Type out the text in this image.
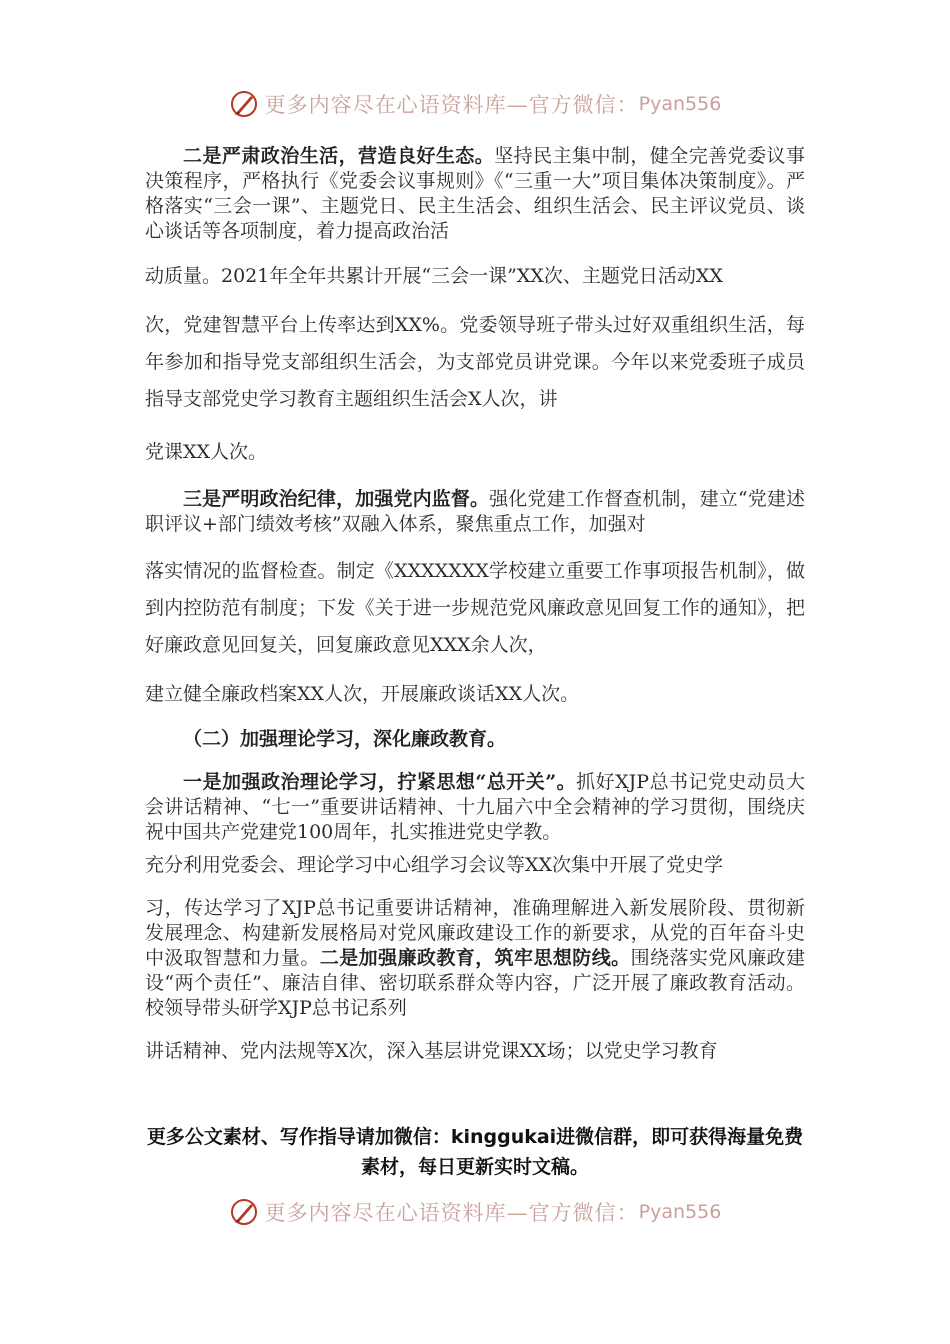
更多内容尽在心语资料库—官方微信： Pyan556

二是严肃政治生活，营造良好生态。坚持民主集中制，健全完善党委议事决策程序，严格执行《党委会议事规则》《“三重一大”项目集体决策制度》。严格落实“三会一课”、主题党日、民主生活会、组织生活会、民主评议党员、谈心谈话等各项制度，着力提高政治活

动质量。2021年全年共累计开展“三会一课”XX次、主题党日活动XX

次，党建智慧平台上传率达到XX%。党委领导班子带头过好双重组织生活，每年参加和指导党支部组织生活会，为支部党员讲党课。今年以来党委班子成员指导支部党史学习教育主题组织生活会X人次，讲

党课XX人次。

三是严明政治纪律，加强党内监督。强化党建工作督查机制，建立“党建述职评议+部门绩效考核”双融入体系，聚焦重点工作，加强对

落实情况的监督检查。制定《XXXXXXX学校建立重要工作事项报告机制》，做到内控防范有制度；下发《关于进一步规范党风廉政意见回复工作的通知》，把好廉政意见回复关，回复廉政意见XXX余人次，

建立健全廉政档案XX人次，开展廉政谈话XX人次。

（二）加强理论学习，深化廉政教育。

一是加强政治理论学习，拧紧思想“总开关”。抓好XJP总书记党史动员大会讲话精神、“七一”重要讲话精神、十九届六中全会精神的学习贯彻，围绕庆祝中国共产党建党100周年，扎实推进党史学教。

充分利用党委会、理论学习中心组学习会议等XX次集中开展了党史学

习，传达学习了XJP总书记重要讲话精神，准确理解进入新发展阶段、贯彻新发展理念、构建新发展格局对党风廉政建设工作的新要求，从党的百年奋斗史中汲取智慧和力量。二是加强廉政教育，筑牢思想防线。围绕落实党风廉政建设“两个责任”、廉洁自律、密切联系群众等内容，广泛开展了廉政教育活动。校领导带头研学XJP总书记系列

讲话精神、党内法规等X次，深入基层讲党课XX场；以党史学习教育

更多公文素材、写作指导请加微信：kinggukai进微信群，即可获得海量免费素材，每日更新实时文稿。
更多内容尽在心语资料库—官方微信： Pyan556
